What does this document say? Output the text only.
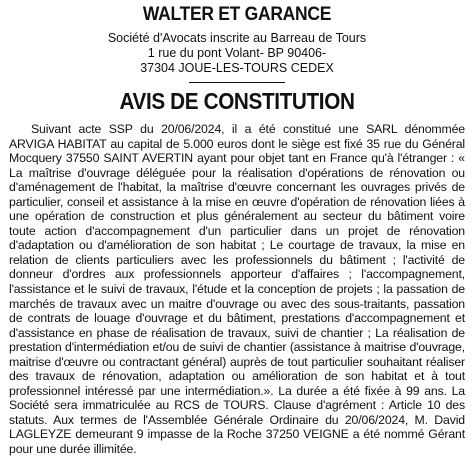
WALTER ET GARANCE

Société d'Avocats inscrite au Barreau de Tours

1 rue du pont Volant- BP 90406-

37304 JOUE-LES-TOURS CEDEX

AVIS DE CONSTITUTION

Suivant acte SSP du 20/06/2024, il a été constitué une SARL dénommée ARVIGA HABITAT au capital de 5.000 euros dont le siège est fixé 35 rue du Général Mocquery 37550 SAINT AVERTIN ayant pour objet tant en France qu'à l'étranger : « La maîtrise d'ouvrage déléguée pour la réalisation d'opérations de rénovation ou d'aménagement de l'habitat, la maîtrise d'œuvre concernant les ouvrages privés de particulier, conseil et assistance à la mise en œuvre d'opération de rénovation liées à une opération de construction et plus généralement au secteur du bâtiment voire toute action d'accompagnement d'un particulier dans un projet de rénovation d'adaptation ou d'amélioration de son habitat ; Le courtage de travaux, la mise en relation de clients particuliers avec les professionnels du bâtiment ; l'activité de donneur d'ordres aux professionnels apporteur d'affaires ; l'accompagnement, l'assistance et le suivi de travaux, l'étude et la conception de projets ; la passation de marchés de travaux avec un maitre d'ouvrage ou avec des sous-traitants, passation de contrats de louage d'ouvrage et du bâtiment, prestations d'accompagnement et d'assistance en phase de réalisation de travaux, suivi de chantier ; La réalisation de prestation d'intermédiation et/ou de suivi de chantier (assistance à maitrise d'ouvrage, maitrise d'œuvre ou contractant général) auprès de tout particulier souhaitant réaliser des travaux de rénovation, adaptation ou amélioration de son habitat et à tout professionnel intéressé par une intermédiation.». La durée a été fixée à 99 ans. La Société sera immatriculée au RCS de TOURS. Clause d'agrément : Article 10 des statuts. Aux termes de l'Assemblée Générale Ordinaire du 20/06/2024, M. David LAGLEYZE demeurant 9 impasse de la Roche 37250 VEIGNE a été nommé Gérant pour une durée illimitée.
